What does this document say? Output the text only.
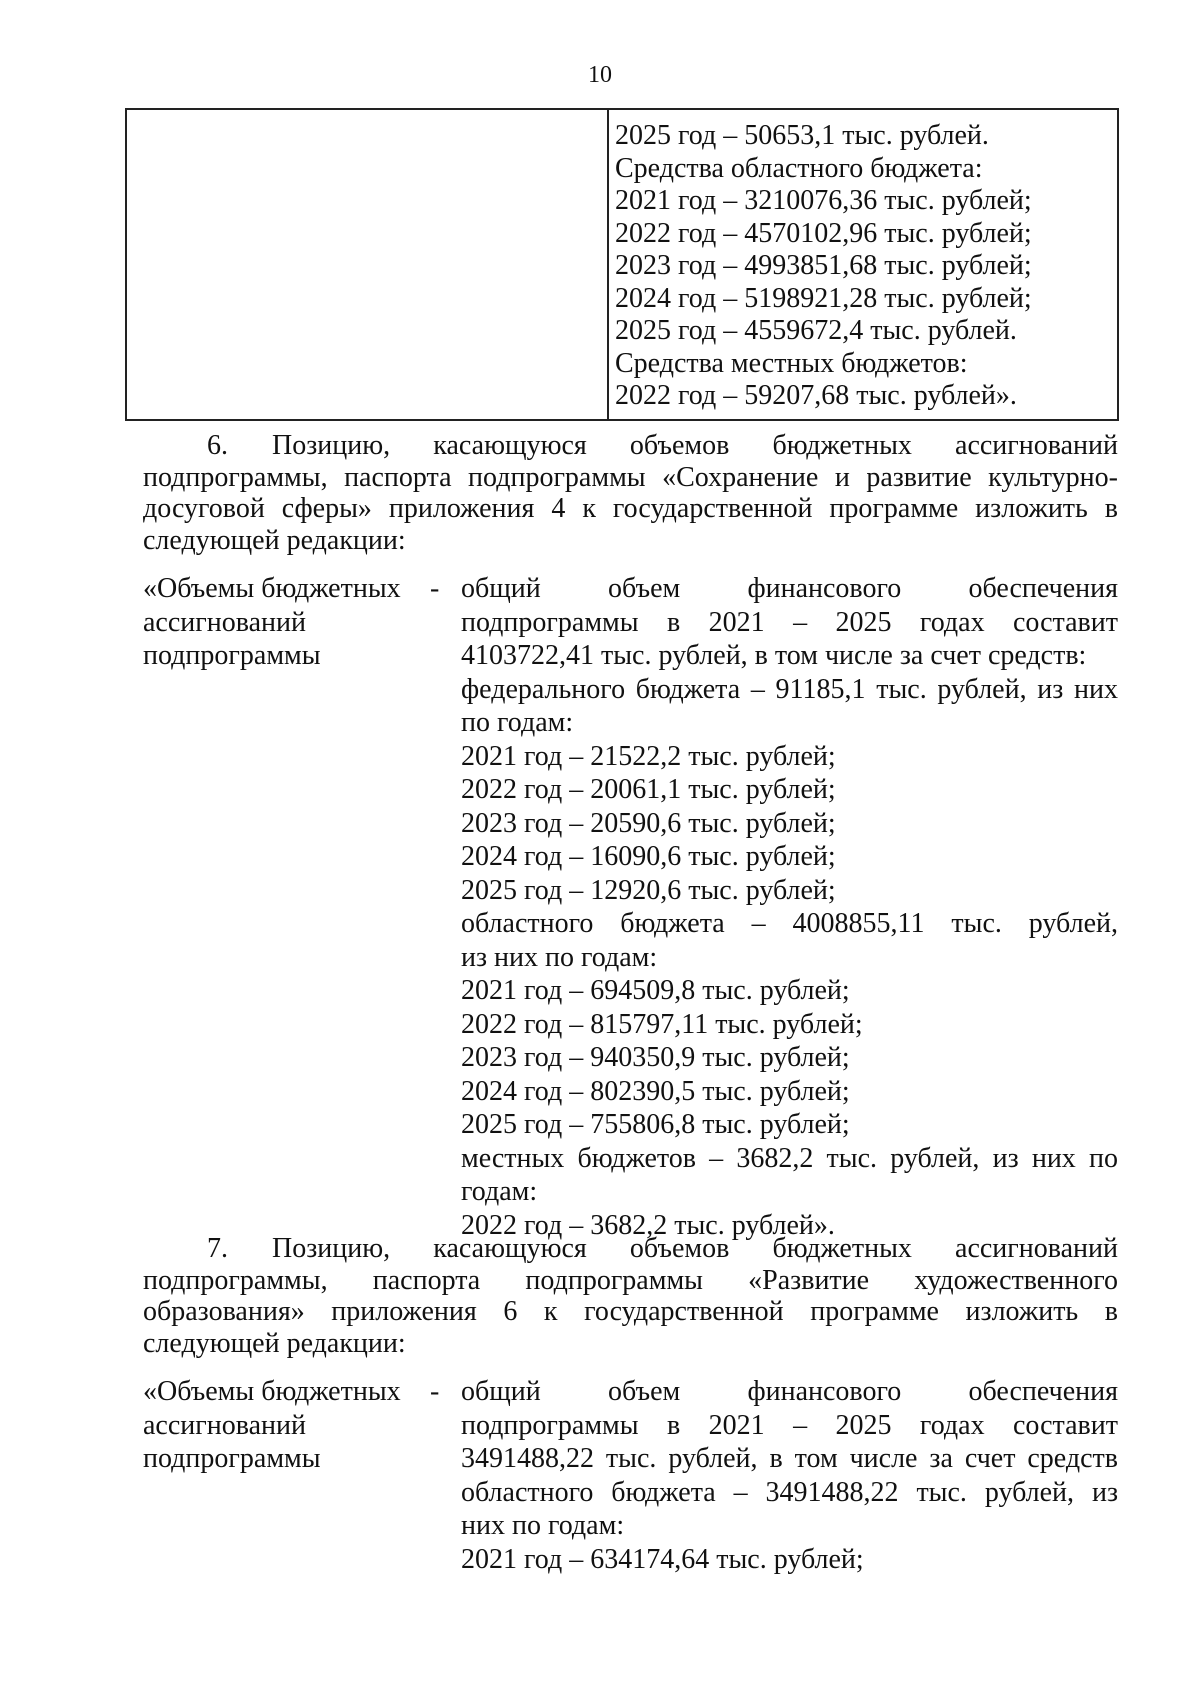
10
2025 год – 50653,1 тыс. рублей.
Средства областного бюджета:
2021 год – 3210076,36 тыс. рублей;
2022 год – 4570102,96 тыс. рублей;
2023 год – 4993851,68 тыс. рублей;
2024 год – 5198921,28 тыс. рублей;
2025 год – 4559672,4 тыс. рублей.
Средства местных бюджетов:
2022 год – 59207,68 тыс. рублей».
6. Позицию, касающуюся объемов бюджетных ассигнований подпрограммы, паспорта подпрограммы «Сохранение и развитие культурно-досуговой сферы» приложения 4 к государственной программе изложить в следующей редакции:
«Объемы бюджетных
ассигнований
подпрограммы
- общий объем финансового обеспечения
подпрограммы в 2021 – 2025 годах составит
4103722,41 тыс. рублей, в том числе за счет средств:
федерального бюджета – 91185,1 тыс. рублей, из них
по годам:
2021 год – 21522,2 тыс. рублей;
2022 год – 20061,1 тыс. рублей;
2023 год – 20590,6 тыс. рублей;
2024 год – 16090,6 тыс. рублей;
2025 год – 12920,6 тыс. рублей;
областного бюджета – 4008855,11 тыс. рублей,
из них по годам:
2021 год – 694509,8 тыс. рублей;
2022 год – 815797,11 тыс. рублей;
2023 год – 940350,9 тыс. рублей;
2024 год – 802390,5 тыс. рублей;
2025 год – 755806,8 тыс. рублей;
местных бюджетов – 3682,2 тыс. рублей, из них по
годам:
2022 год – 3682,2 тыс. рублей».
7. Позицию, касающуюся объемов бюджетных ассигнований подпрограммы, паспорта подпрограммы «Развитие художественного образования» приложения 6 к государственной программе изложить в следующей редакции:
«Объемы бюджетных
ассигнований
подпрограммы
- общий объем финансового обеспечения
подпрограммы в 2021 – 2025 годах составит
3491488,22 тыс. рублей, в том числе за счет средств
областного бюджета – 3491488,22 тыс. рублей, из
них по годам:
2021 год – 634174,64 тыс. рублей;
